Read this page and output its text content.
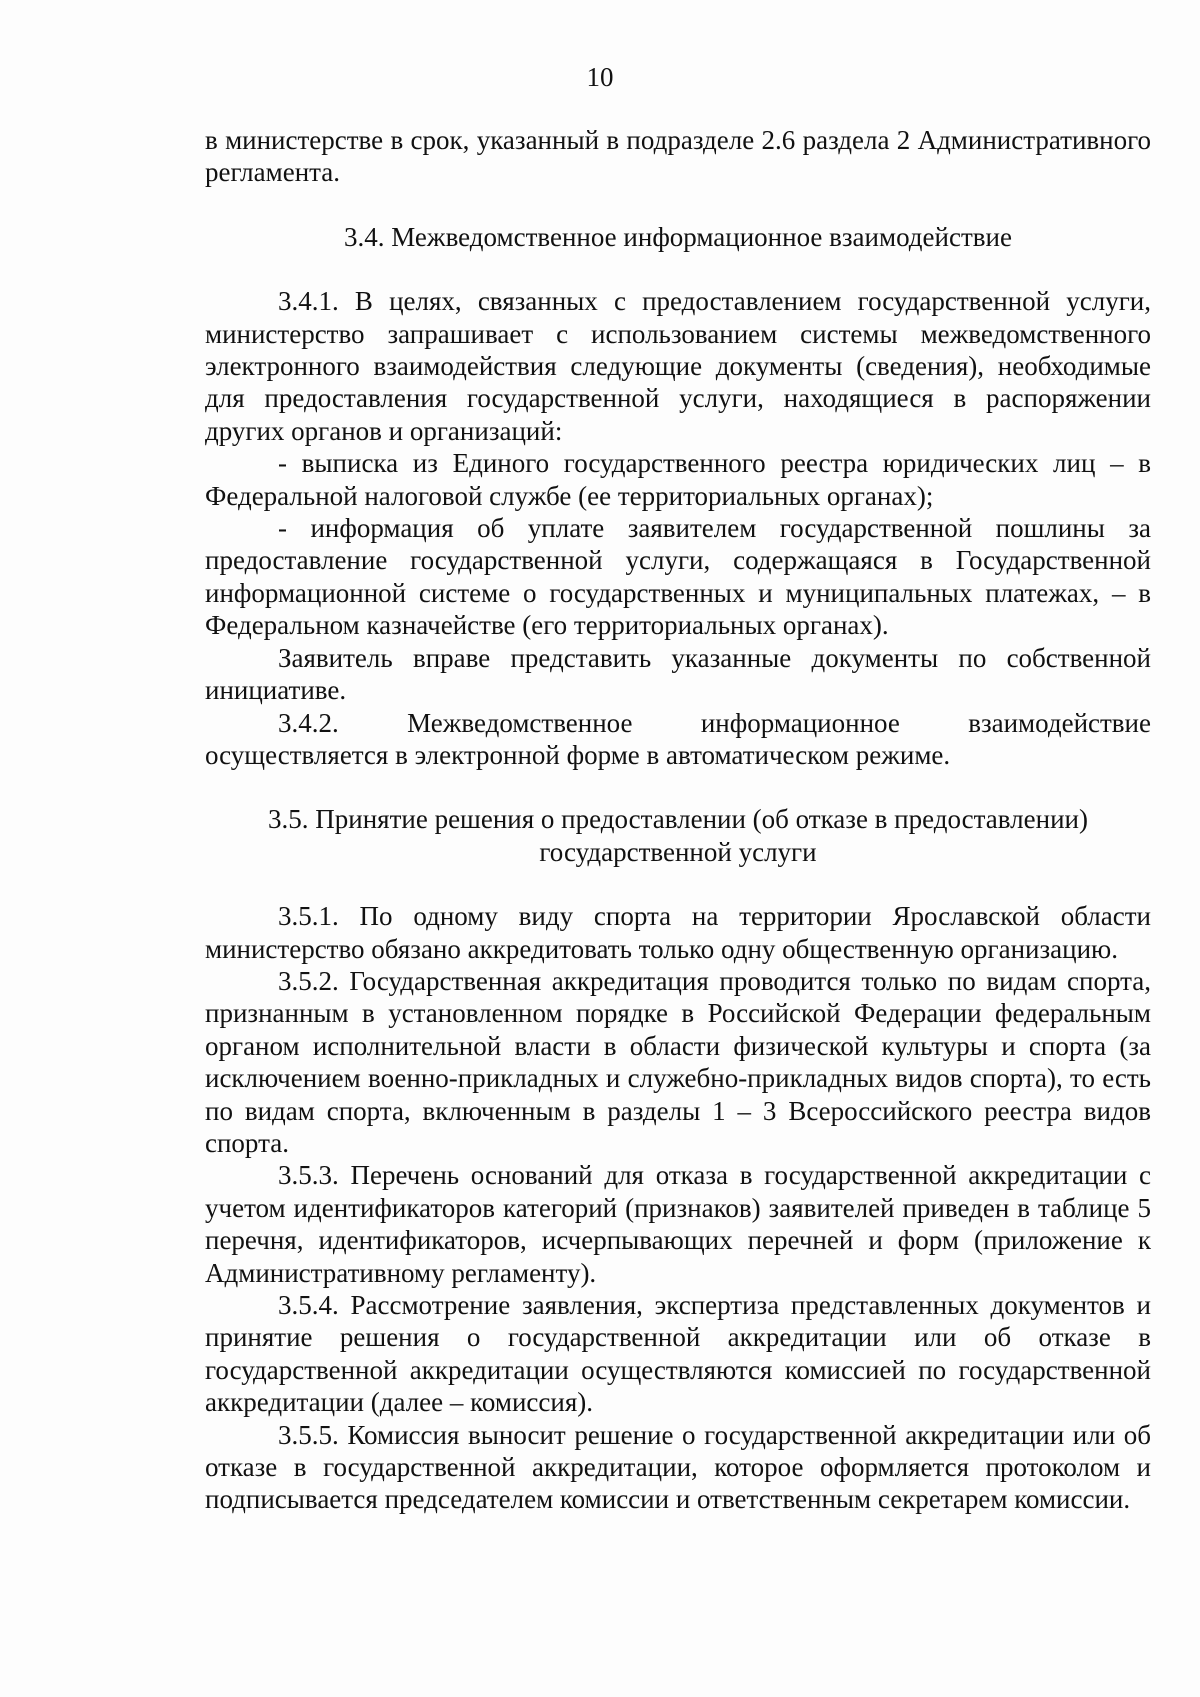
10

в министерстве в срок, указанный в подразделе 2.6 раздела 2 Административного регламента.

3.4. Межведомственное информационное взаимодействие

3.4.1. В целях, связанных с предоставлением государственной услуги, министерство запрашивает с использованием системы межведомственного электронного взаимодействия следующие документы (сведения), необходимые для предоставления государственной услуги, находящиеся в распоряжении других органов и организаций:

- выписка из Единого государственного реестра юридических лиц – в Федеральной налоговой службе (ее территориальных органах);

- информация об уплате заявителем государственной пошлины за предоставление государственной услуги, содержащаяся в Государственной информационной системе о государственных и муниципальных платежах, – в Федеральном казначействе (его территориальных органах).

Заявитель вправе представить указанные документы по собственной инициативе.

3.4.2. Межведомственное информационное взаимодействие осуществляется в электронной форме в автоматическом режиме.

3.5. Принятие решения о предоставлении (об отказе в предоставлении)

государственной услуги

3.5.1. По одному виду спорта на территории Ярославской области министерство обязано аккредитовать только одну общественную организацию.

3.5.2. Государственная аккредитация проводится только по видам спорта, признанным в установленном порядке в Российской Федерации федеральным органом исполнительной власти в области физической культуры и спорта (за исключением военно-прикладных и служебно-прикладных видов спорта), то есть по видам спорта, включенным в разделы 1 – 3 Всероссийского реестра видов спорта.

3.5.3. Перечень оснований для отказа в государственной аккредитации с учетом идентификаторов категорий (признаков) заявителей приведен в таблице 5 перечня, идентификаторов, исчерпывающих перечней и форм (приложение к Административному регламенту).

3.5.4. Рассмотрение заявления, экспертиза представленных документов и принятие решения о государственной аккредитации или об отказе в государственной аккредитации осуществляются комиссией по государственной аккредитации (далее – комиссия).

3.5.5. Комиссия выносит решение о государственной аккредитации или об отказе в государственной аккредитации, которое оформляется протоколом и подписывается председателем комиссии и ответственным секретарем комиссии.
